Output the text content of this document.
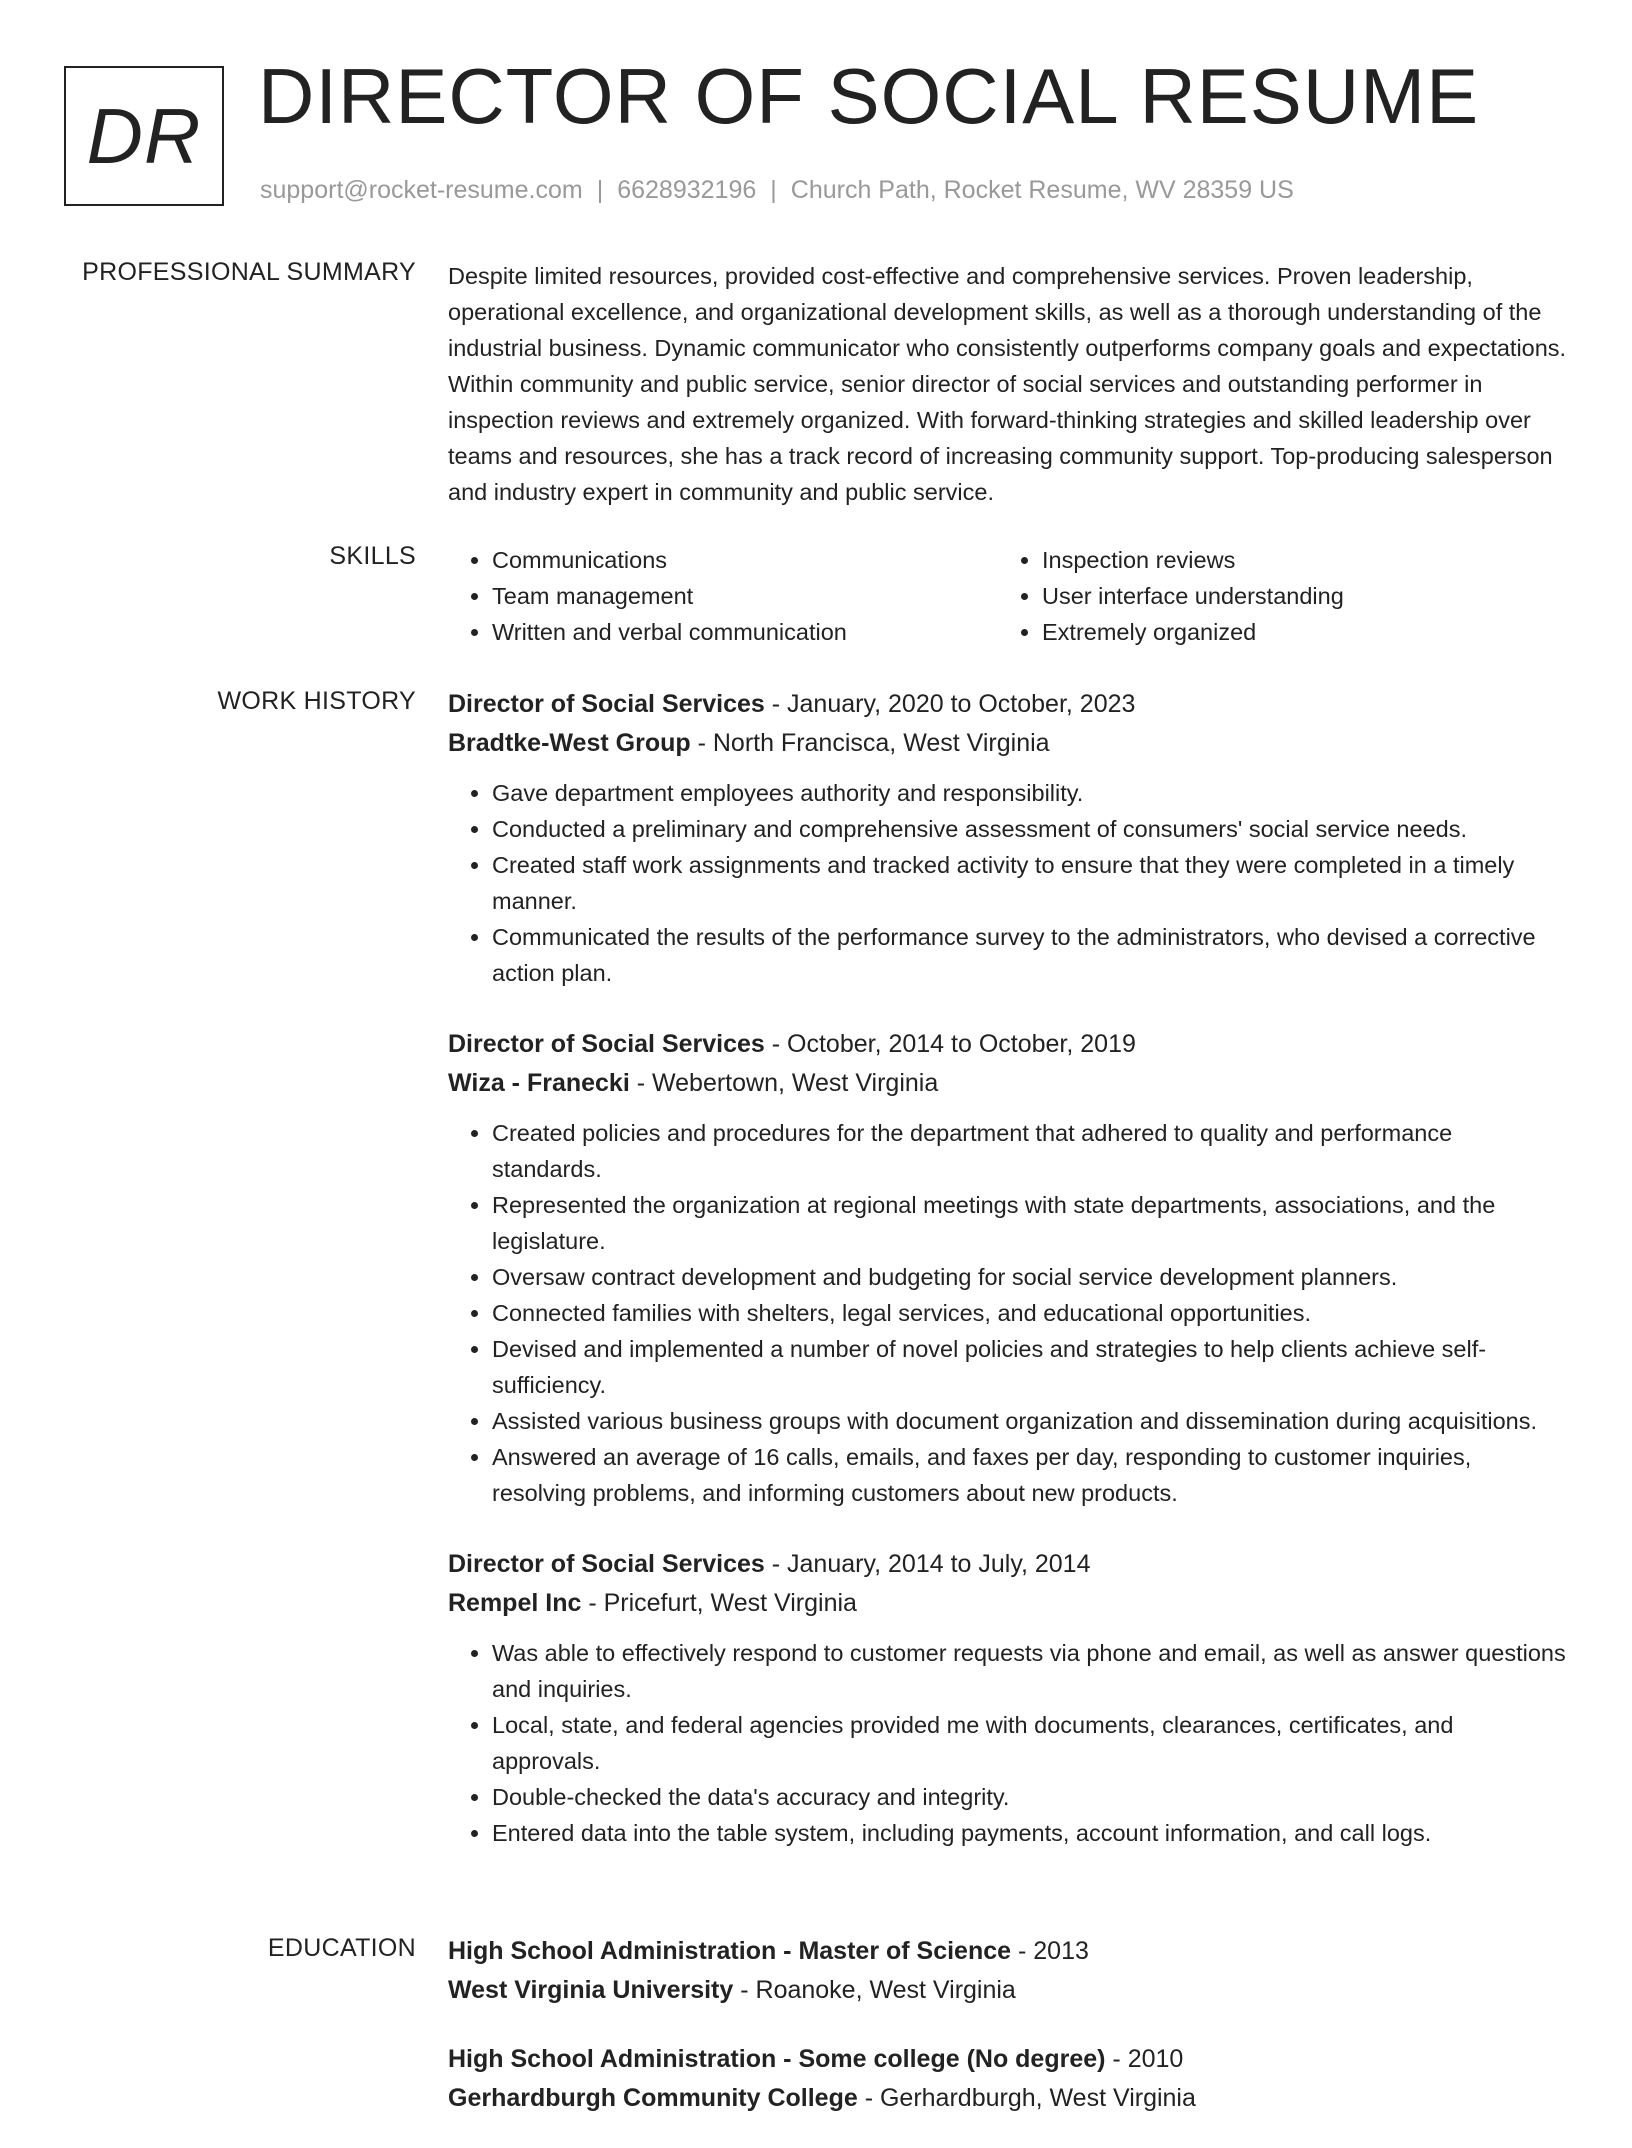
DR DIRECTOR OF SOCIAL RESUME
support@rocket-resume.com | 6628932196 | Church Path, Rocket Resume, WV 28359 US
PROFESSIONAL SUMMARY Despite limited resources, provided cost-effective and comprehensive services. Proven leadership, operational excellence, and organizational development skills, as well as a thorough understanding of the industrial business. Dynamic communicator who consistently outperforms company goals and expectations. Within community and public service, senior director of social services and outstanding performer in inspection reviews and extremely organized. With forward-thinking strategies and skilled leadership over teams and resources, she has a track record of increasing community support. Top-producing salesperson and industry expert in community and public service.

SKILLS
•	Communications
• Team management
• Written and verbal communication
• Inspection reviews
• User interface understanding
• Extremely organized
WORK HISTORY Director of Social Services - January, 2020 to October, 2023
Bradtke-West Group - North Francisca, West Virginia
• Gave department employees authority and responsibility.
• Conducted a preliminary and comprehensive assessment of consumers' social service needs.
• Created staff work assignments and tracked activity to ensure that they were completed in a timely manner.
• Communicated the results of the performance survey to the administrators, who devised a corrective action plan.
Director of Social Services - October, 2014 to October, 2019
Wiza - Franecki - Webertown, West Virginia
• Created policies and procedures for the department that adhered to quality and performance standards.
• Represented the organization at regional meetings with state departments, associations, and the legislature.
• Oversaw contract development and budgeting for social service development planners.
• Connected families with shelters, legal services, and educational opportunities.
• Devised and implemented a number of novel policies and strategies to help clients achieve self-sufficiency.
• Assisted various business groups with document organization and dissemination during acquisitions.
• Answered an average of 16 calls, emails, and faxes per day, responding to customer inquiries, resolving problems, and informing customers about new products.
Director of Social Services - January, 2014 to July, 2014
Rempel Inc - Pricefurt, West Virginia
• Was able to effectively respond to customer requests via phone and email, as well as answer questions and inquiries.
• Local, state, and federal agencies provided me with documents, clearances, certificates, and approvals.
• Double-checked the data's accuracy and integrity.
• Entered data into the table system, including payments, account information, and call logs.
EDUCATION High School Administration - Master of Science - 2013
West Virginia University - Roanoke, West Virginia
High School Administration - Some college (No degree) - 2010
Gerhardburgh Community College - Gerhardburgh, West Virginia
